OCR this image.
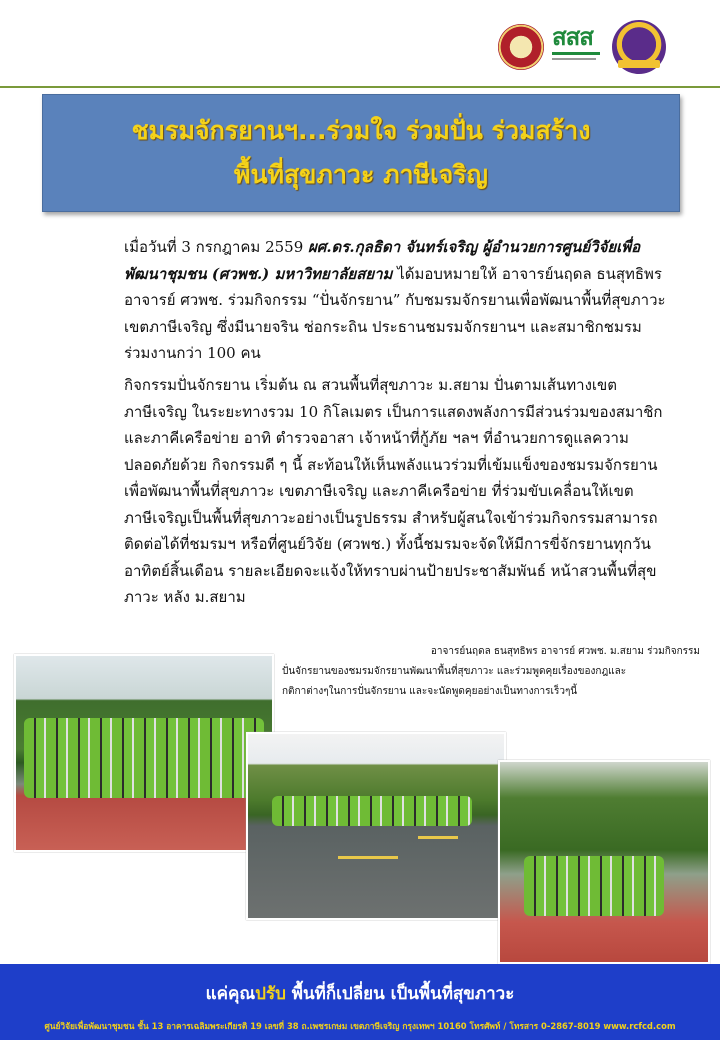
สสส
ชมรมจักรยานฯ...ร่วมใจ ร่วมปั่น ร่วมสร้าง
พื้นที่สุขภาวะ ภาษีเจริญ

เมื่อวันที่ 3 กรกฎาคม 2559 ผศ.ดร.กุลธิดา จันทร์เจริญ ผู้อำนวยการศูนย์วิจัยเพื่อพัฒนาชุมชน (ศวพช.) มหาวิทยาลัยสยาม ได้มอบหมายให้ อาจารย์นฤดล ธนสุทธิพร อาจารย์ ศวพช. ร่วมกิจกรรม “ปั่นจักรยาน” กับชมรมจักรยานเพื่อพัฒนาพื้นที่สุขภาวะ เขตภาษีเจริญ ซึ่งมีนายจริน ช่อกระถิน ประธานชมรมจักรยานฯ และสมาชิกชมรมร่วมงานกว่า 100 คน

กิจกรรมปั่นจักรยาน เริ่มต้น ณ สวนพื้นที่สุขภาวะ ม.สยาม ปั่นตามเส้นทางเขตภาษีเจริญ ในระยะทางรวม 10 กิโลเมตร เป็นการแสดงพลังการมีส่วนร่วมของสมาชิกและภาคีเครือข่าย อาทิ ตำรวจอาสา เจ้าหน้าที่กู้ภัย ฯลฯ ที่อำนวยการดูแลความปลอดภัยด้วย กิจกรรมดี ๆ นี้ สะท้อนให้เห็นพลังแนวร่วมที่เข้มแข็งของชมรมจักรยานเพื่อพัฒนาพื้นที่สุขภาวะ เขตภาษีเจริญ และภาคีเครือข่าย ที่ร่วมขับเคลื่อนให้เขตภาษีเจริญเป็นพื้นที่สุขภาวะอย่างเป็นรูปธรรม สำหรับผู้สนใจเข้าร่วมกิจกรรมสามารถติดต่อได้ที่ชมรมฯ หรือที่ศูนย์วิจัย (ศวพช.) ทั้งนี้ชมรมจะจัดให้มีการขี่จักรยานทุกวันอาทิตย์สิ้นเดือน รายละเอียดจะแจ้งให้ทราบผ่านป้ายประชาสัมพันธ์ หน้าสวนพื้นที่สุขภาวะ หลัง ม.สยาม

อาจารย์นฤดล ธนสุทธิพร อาจารย์ ศวพช. ม.สยาม ร่วมกิจกรรม
ปั่นจักรยานของชมรมจักรยานพัฒนาพื้นที่สุขภาวะ และร่วมพูดคุยเรื่องของกฎและ
กติกาต่างๆในการปั่นจักรยาน และจะนัดพูดคุยอย่างเป็นทางการเร็วๆนี้
แค่คุณปรับ พื้นที่ก็เปลี่ยน เป็นพื้นที่สุขภาวะ
ศูนย์วิจัยเพื่อพัฒนาชุมชน ชั้น 13 อาคารเฉลิมพระเกียรติ 19 เลขที่ 38 ถ.เพชรเกษม เขตภาษีเจริญ กรุงเทพฯ 10160 โทรศัพท์ / โทรสาร 0-2867-8019 www.rcfcd.com
